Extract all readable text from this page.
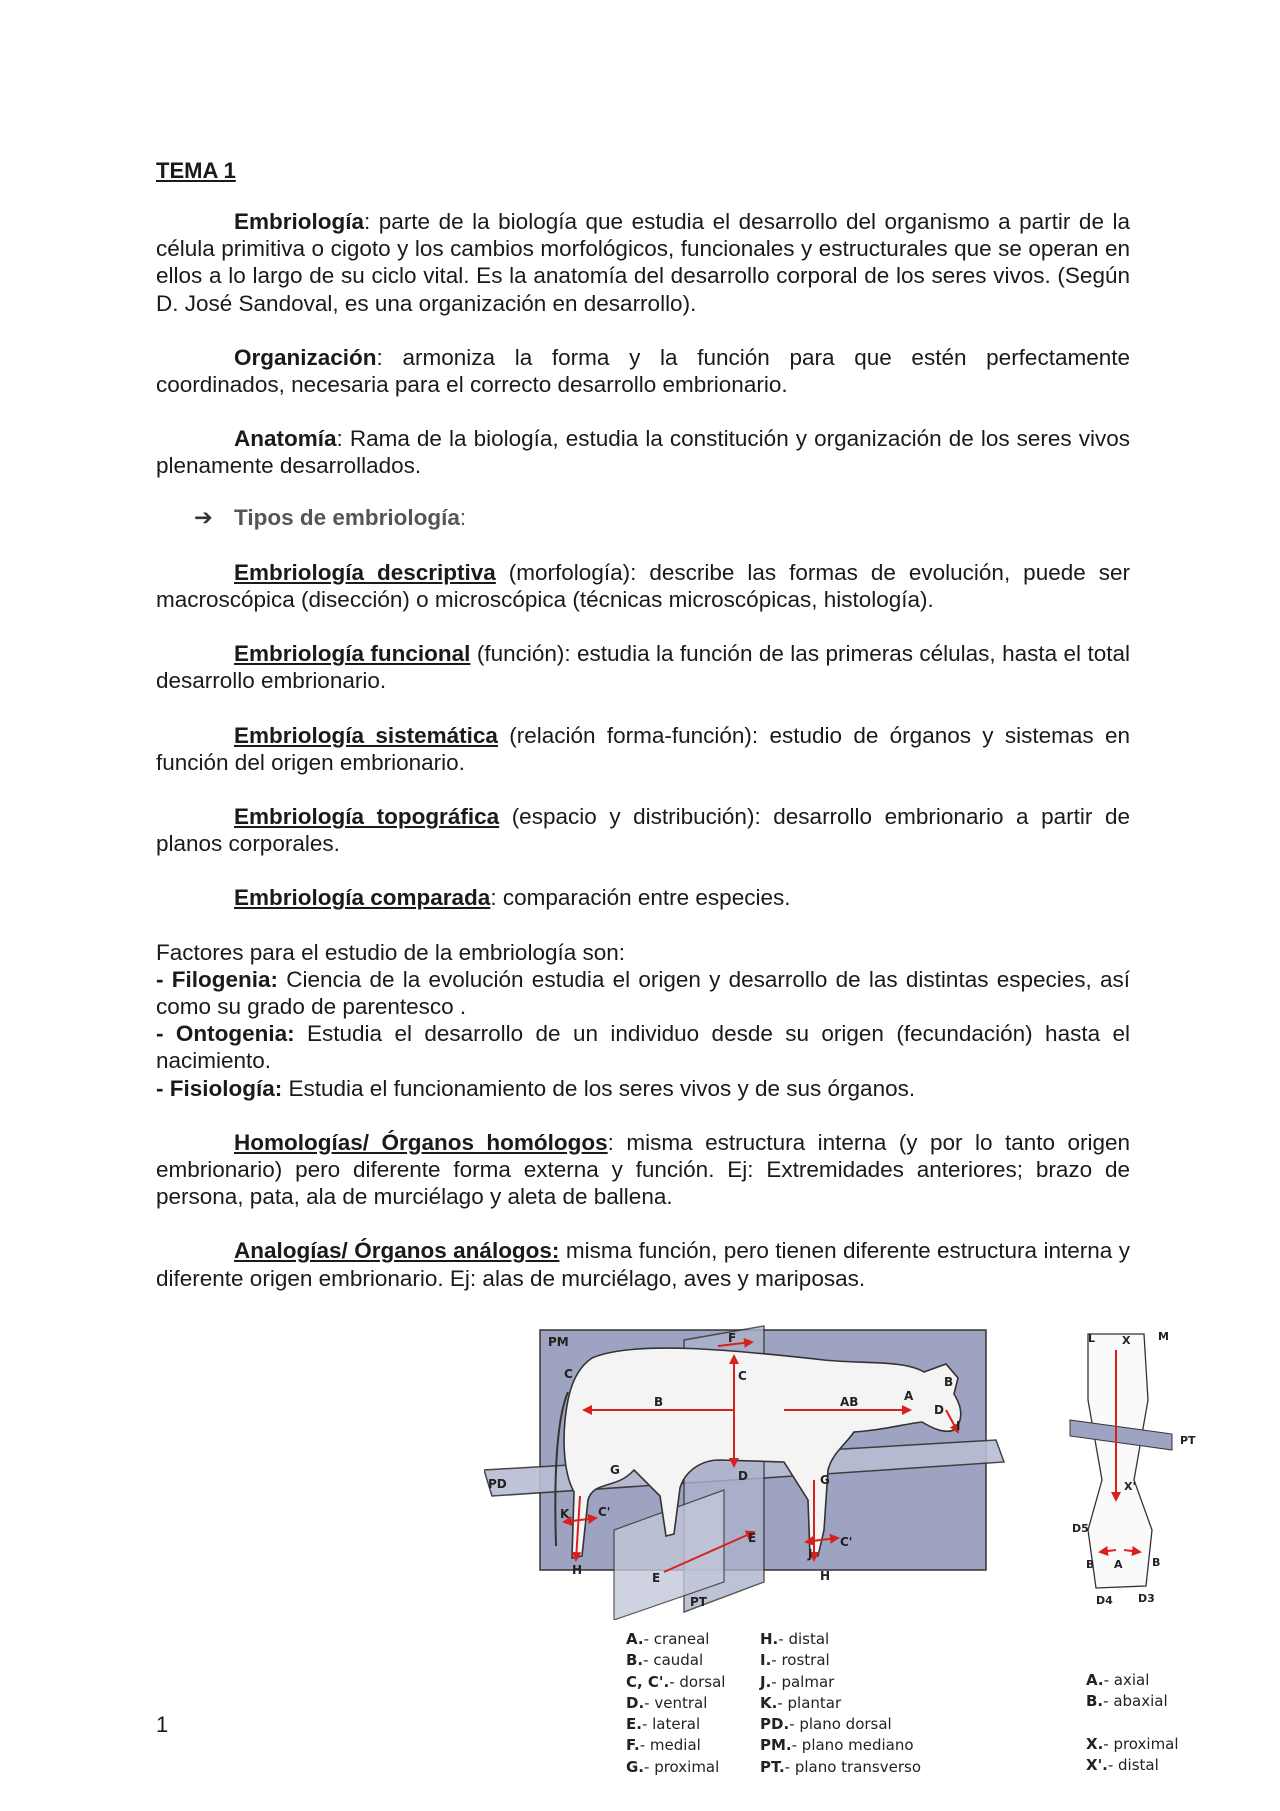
TEMA 1

Embriología: parte de la biología que estudia el desarrollo del organismo a partir de la célula primitiva o cigoto y los cambios morfológicos, funcionales y estructurales que se operan en ellos a lo largo de su ciclo vital. Es la anatomía del desarrollo corporal de los seres vivos. (Según D. José Sandoval, es una organización en desarrollo).

Organización: armoniza la forma y la función para que estén perfectamente coordinados, necesaria para el correcto desarrollo embrionario.

Anatomía: Rama de la biología, estudia la constitución y organización de los seres vivos plenamente desarrollados.

➔ Tipos de embriología:

Embriología descriptiva (morfología): describe las formas de evolución, puede ser macroscópica (disección) o microscópica (técnicas microscópicas, histología).

Embriología funcional (función): estudia la función de las primeras células, hasta el total desarrollo embrionario.

Embriología sistemática (relación forma-función): estudio de órganos y sistemas en función del origen embrionario.

Embriología topográfica (espacio y distribución): desarrollo embrionario a partir de planos corporales.

Embriología comparada: comparación entre especies.

Factores para el estudio de la embriología son:

- Filogenia: Ciencia de la evolución estudia el origen y desarrollo de las distintas especies, así como su grado de parentesco .

- Ontogenia: Estudia el desarrollo de un individuo desde su origen (fecundación) hasta el nacimiento.

- Fisiología: Estudia el funcionamiento de los seres vivos y de sus órganos.

Homologías/ Órganos homólogos: misma estructura interna (y por lo tanto origen embrionario) pero diferente forma externa y función. Ej: Extremidades anteriores; brazo de persona, pata, ala de murciélago y aleta de ballena.

Analogías/ Órganos análogos: misma función, pero tienen diferente estructura interna y diferente origen embrionario. Ej: alas de murciélago, aves y mariposas.

PM
PD
PT
C
F
C
B	AB	A
B
D
I
D
G
G
E
E
K C'
J
C'
H	H
L X	M
PT
X'
D5
A
B	B
D4 D3
A.- craneal
B.- caudal
C, C'.- dorsal
D.- ventral
E.- lateral
F.- medial
G.- proximal
H.- distal
I.- rostral
J.- palmar
K.- plantar
PD.- plano dorsal
PM.- plano mediano
PT.- plano transverso
A.- axial
B.- abaxial
X.- proximal
X'.- distal
1
